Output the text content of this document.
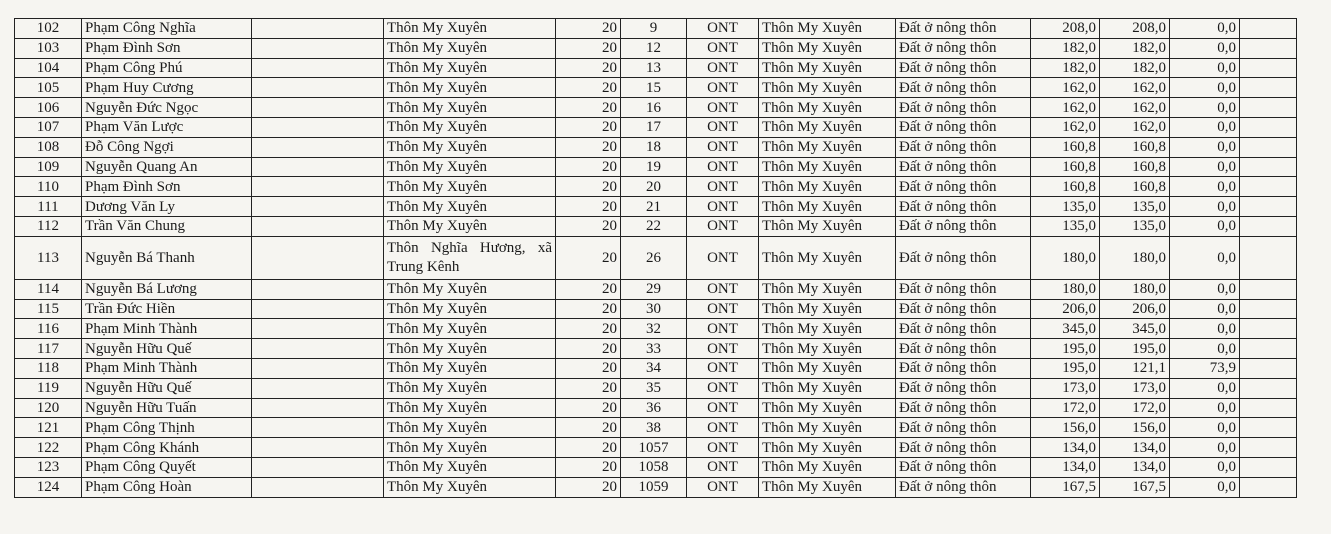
102	Phạm Công Nghĩa		Thôn My Xuyên	20	9	ONT	Thôn My Xuyên	Đất ở nông thôn	208,0	208,0	0,0	
103	Phạm Đình Sơn		Thôn My Xuyên	20	12	ONT	Thôn My Xuyên	Đất ở nông thôn	182,0	182,0	0,0	
104	Phạm Công Phú		Thôn My Xuyên	20	13	ONT	Thôn My Xuyên	Đất ở nông thôn	182,0	182,0	0,0	
105	Phạm Huy Cương		Thôn My Xuyên	20	15	ONT	Thôn My Xuyên	Đất ở nông thôn	162,0	162,0	0,0	
106	Nguyễn Đức Ngọc		Thôn My Xuyên	20	16	ONT	Thôn My Xuyên	Đất ở nông thôn	162,0	162,0	0,0	
107	Phạm Văn Lược		Thôn My Xuyên	20	17	ONT	Thôn My Xuyên	Đất ở nông thôn	162,0	162,0	0,0	
108	Đỗ Công Ngợi		Thôn My Xuyên	20	18	ONT	Thôn My Xuyên	Đất ở nông thôn	160,8	160,8	0,0	
109	Nguyễn Quang An		Thôn My Xuyên	20	19	ONT	Thôn My Xuyên	Đất ở nông thôn	160,8	160,8	0,0	
110	Phạm Đình Sơn		Thôn My Xuyên	20	20	ONT	Thôn My Xuyên	Đất ở nông thôn	160,8	160,8	0,0	
111	Dương Văn Ly		Thôn My Xuyên	20	21	ONT	Thôn My Xuyên	Đất ở nông thôn	135,0	135,0	0,0	
112	Trần Văn Chung		Thôn My Xuyên	20	22	ONT	Thôn My Xuyên	Đất ở nông thôn	135,0	135,0	0,0	
113	Nguyễn Bá Thanh		Thôn Nghĩa Hương, xã Trung Kênh	20	26	ONT	Thôn My Xuyên	Đất ở nông thôn	180,0	180,0	0,0	
114	Nguyễn Bá Lương		Thôn My Xuyên	20	29	ONT	Thôn My Xuyên	Đất ở nông thôn	180,0	180,0	0,0	
115	Trần Đức Hiền		Thôn My Xuyên	20	30	ONT	Thôn My Xuyên	Đất ở nông thôn	206,0	206,0	0,0	
116	Phạm Minh Thành		Thôn My Xuyên	20	32	ONT	Thôn My Xuyên	Đất ở nông thôn	345,0	345,0	0,0	
117	Nguyễn Hữu Quế		Thôn My Xuyên	20	33	ONT	Thôn My Xuyên	Đất ở nông thôn	195,0	195,0	0,0	
118	Phạm Minh Thành		Thôn My Xuyên	20	34	ONT	Thôn My Xuyên	Đất ở nông thôn	195,0	121,1	73,9	
119	Nguyễn Hữu Quế		Thôn My Xuyên	20	35	ONT	Thôn My Xuyên	Đất ở nông thôn	173,0	173,0	0,0	
120	Nguyễn Hữu Tuấn		Thôn My Xuyên	20	36	ONT	Thôn My Xuyên	Đất ở nông thôn	172,0	172,0	0,0	
121	Phạm Công Thịnh		Thôn My Xuyên	20	38	ONT	Thôn My Xuyên	Đất ở nông thôn	156,0	156,0	0,0	
122	Phạm Công Khánh		Thôn My Xuyên	20	1057	ONT	Thôn My Xuyên	Đất ở nông thôn	134,0	134,0	0,0	
123	Phạm Công Quyết		Thôn My Xuyên	20	1058	ONT	Thôn My Xuyên	Đất ở nông thôn	134,0	134,0	0,0	
124	Phạm Công Hoàn		Thôn My Xuyên	20	1059	ONT	Thôn My Xuyên	Đất ở nông thôn	167,5	167,5	0,0	
